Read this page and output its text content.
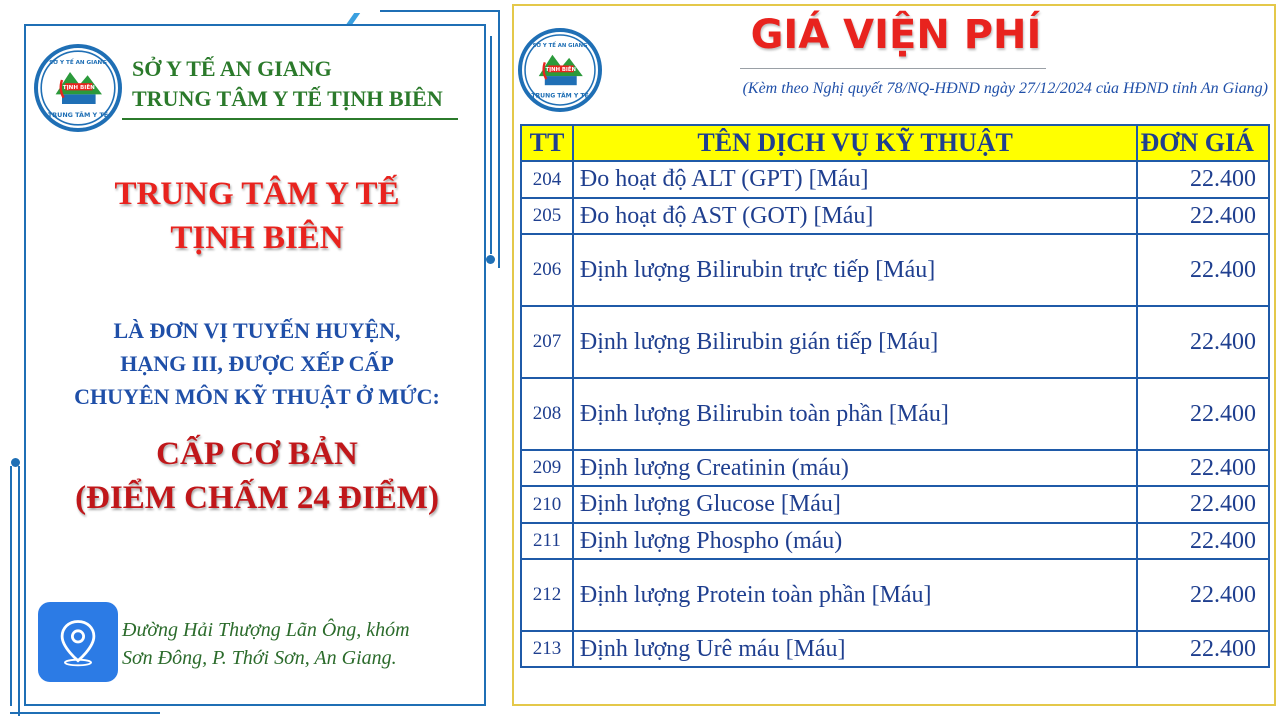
TỊNH BIÊN
TRUNG TÂM Y TẾ
SỞ Y TẾ AN GIANG SỞ Y TẾ AN GIANG
TRUNG TÂM Y TẾ TỊNH BIÊN
TRUNG TÂM Y TẾ
TỊNH BIÊN
LÀ ĐƠN VỊ TUYẾN HUYỆN,
HẠNG III, ĐƯỢC XẾP CẤP
CHUYÊN MÔN KỸ THUẬT Ở MỨC:
CẤP CƠ BẢN
(ĐIỂM CHẤM 24 ĐIỂM)
Đường Hải Thượng Lãn Ông, khóm
Sơn Đông, P. Thới Sơn, An Giang.
TỊNH BIÊN
TRUNG TÂM Y TẾ
SỞ Y TẾ AN GIANG	GIÁ VIỆN PHÍ
(Kèm theo Nghị quyết 78/NQ-HĐND ngày 27/12/2024 của HĐND tỉnh An Giang)
TT	TÊN DỊCH VỤ KỸ THUẬT	ĐƠN GIÁ
204	Đo hoạt độ ALT (GPT) [Máu]	22.400
205	Đo hoạt độ AST (GOT) [Máu]	22.400
206	Định lượng Bilirubin trực tiếp [Máu]	22.400
207	Định lượng Bilirubin gián tiếp [Máu]	22.400
208	Định lượng Bilirubin toàn phần [Máu]	22.400
209	Định lượng Creatinin (máu)	22.400
210	Định lượng Glucose [Máu]	22.400
211	Định lượng Phospho (máu)	22.400
212	Định lượng Protein toàn phần [Máu]	22.400
213	Định lượng Urê máu [Máu]	22.400
